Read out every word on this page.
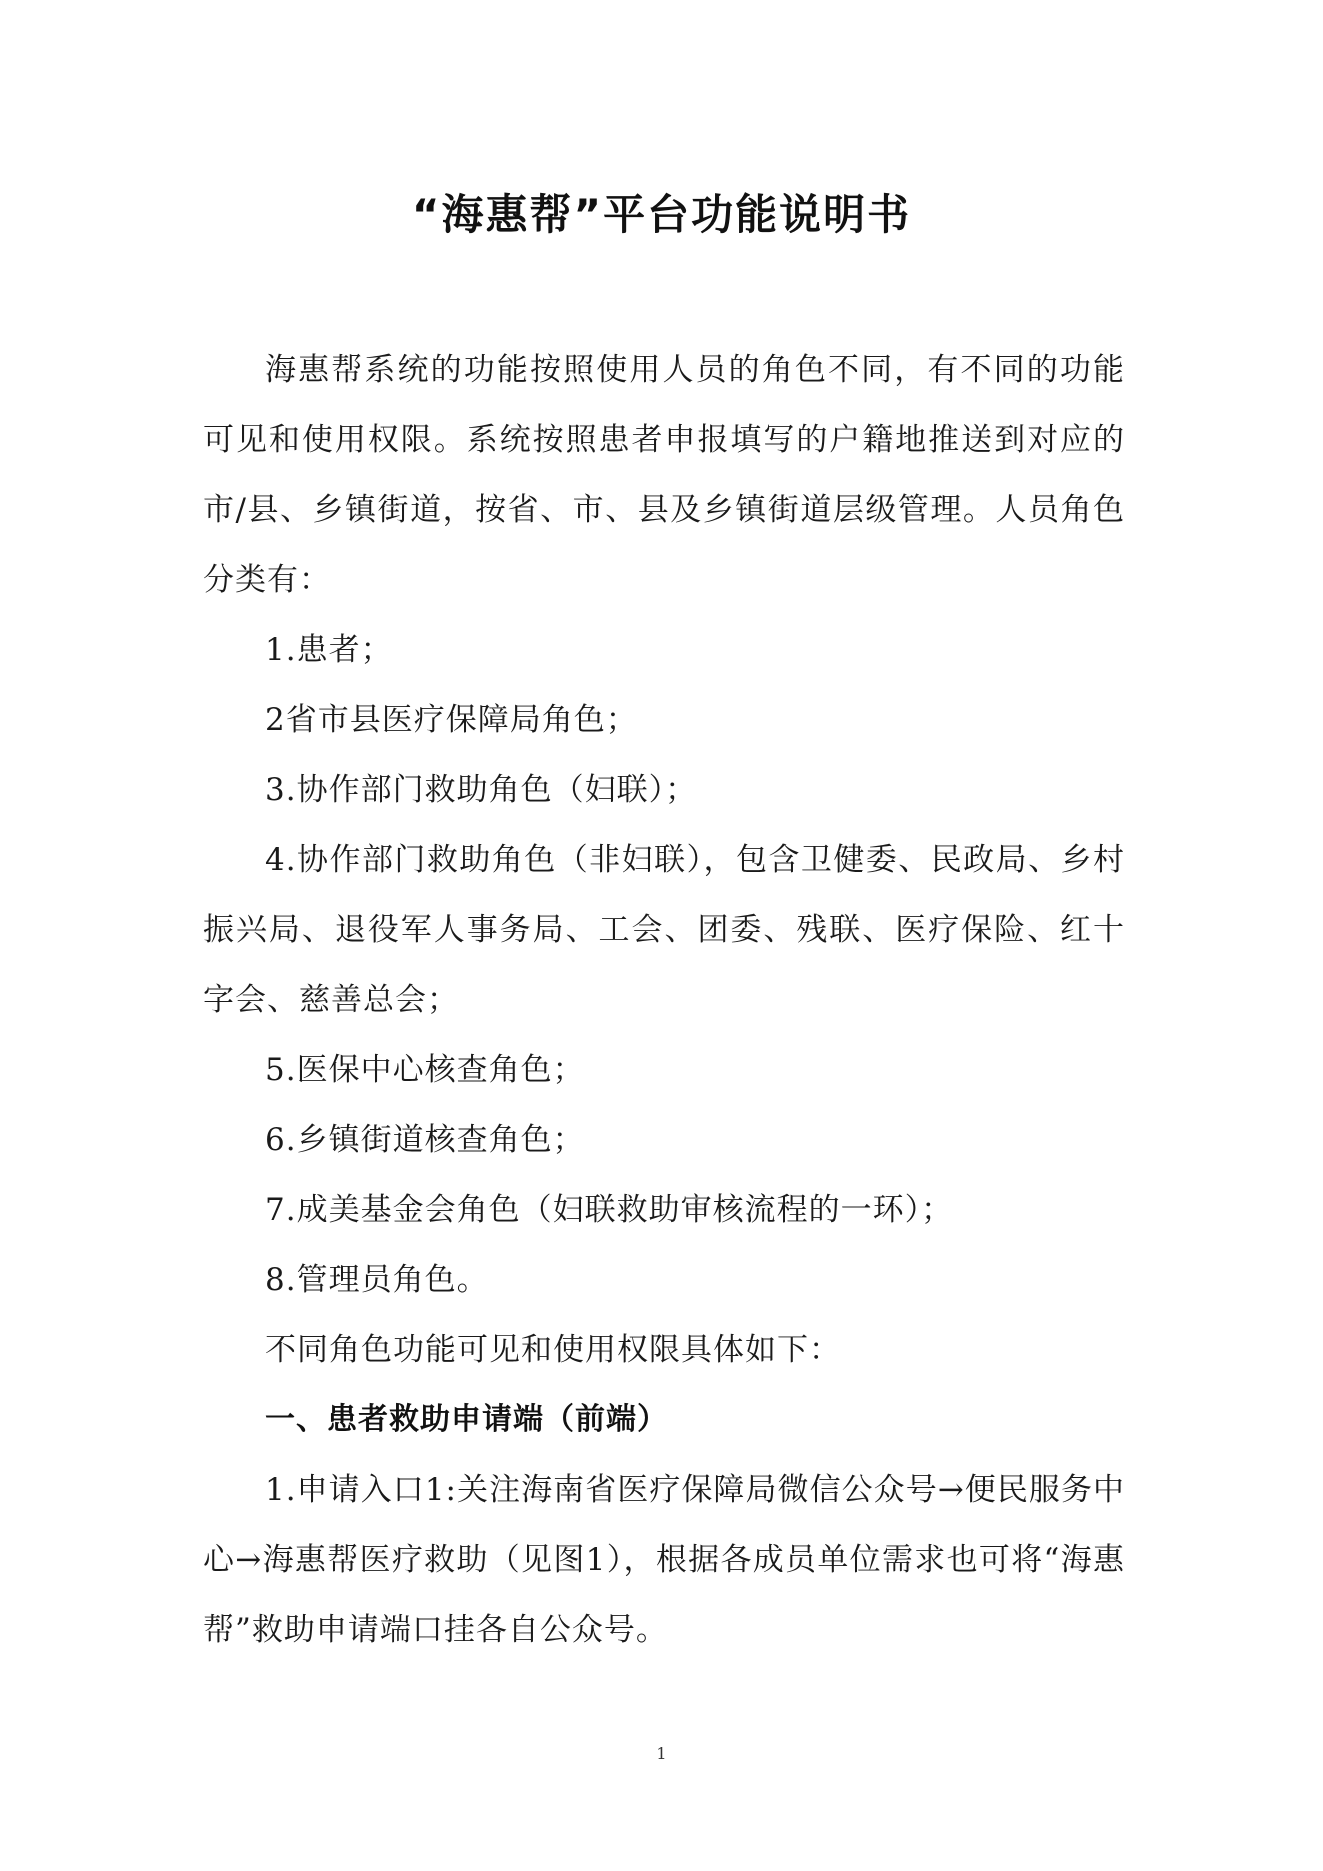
“海惠帮”平台功能说明书

海惠帮系统的功能按照使用人员的角色不同，有不同的功能可见和使用权限。系统按照患者申报填写的户籍地推送到对应的市/县、乡镇街道，按省、市、县及乡镇街道层级管理。人员角色分类有：

1.患者；

2省市县医疗保障局角色；

3.协作部门救助角色（妇联）；

4.协作部门救助角色（非妇联），包含卫健委、民政局、乡村振兴局、退役军人事务局、工会、团委、残联、医疗保险、红十字会、慈善总会；

5.医保中心核查角色；

6.乡镇街道核查角色；

7.成美基金会角色（妇联救助审核流程的一环）；

8.管理员角色。

不同角色功能可见和使用权限具体如下：

一、患者救助申请端（前端）

1.申请入口1:关注海南省医疗保障局微信公众号→便民服务中心→海惠帮医疗救助（见图1），根据各成员单位需求也可将“海惠帮”救助申请端口挂各自公众号。

1
